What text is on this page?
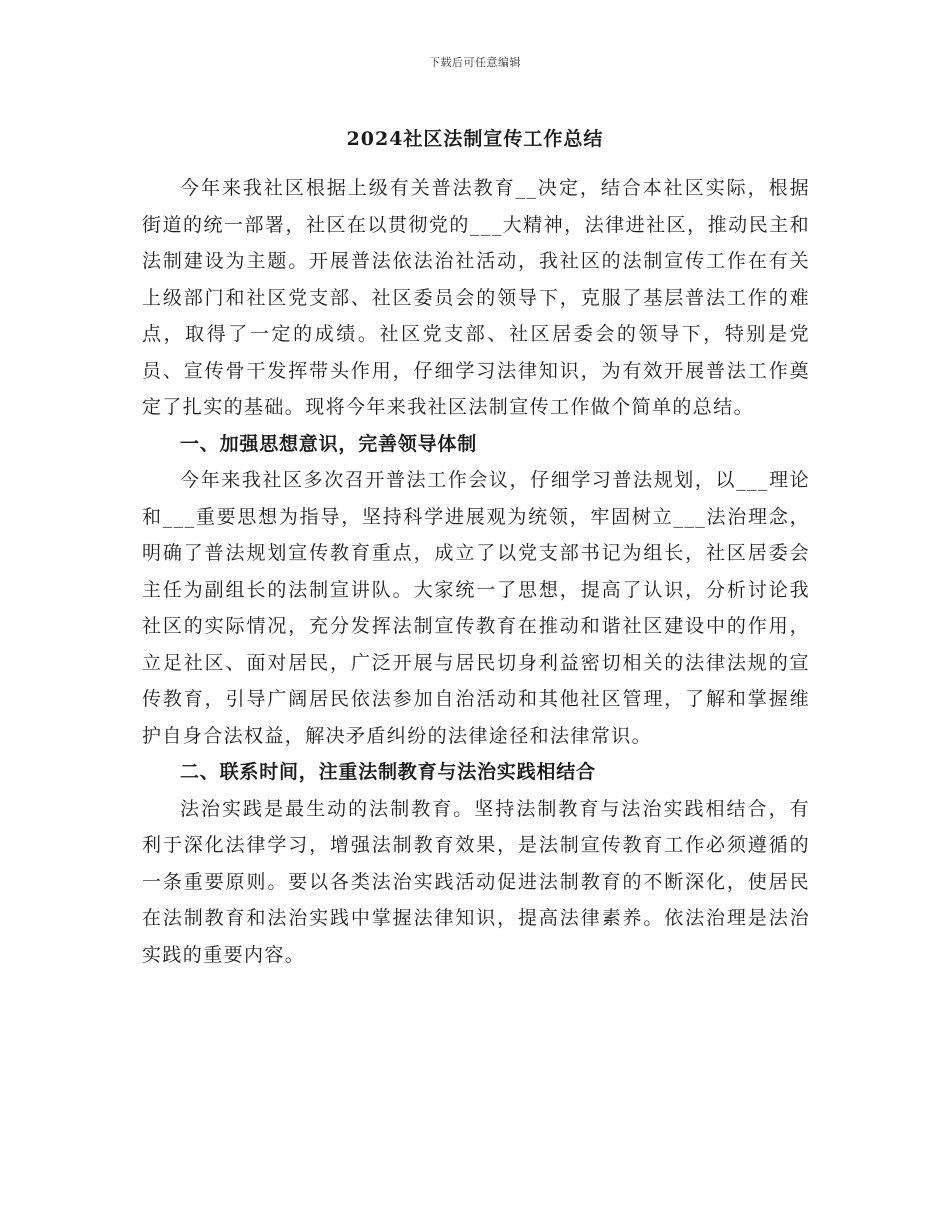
下载后可任意编辑
2024社区法制宣传工作总结

今年来我社区根据上级有关普法教育__决定，结合本社区实际，根据街道的统一部署，社区在以贯彻党的___大精神，法律进社区，推动民主和法制建设为主题。开展普法依法治社活动，我社区的法制宣传工作在有关上级部门和社区党支部、社区委员会的领导下，克服了基层普法工作的难点，取得了一定的成绩。社区党支部、社区居委会的领导下，特别是党员、宣传骨干发挥带头作用，仔细学习法律知识，为有效开展普法工作奠定了扎实的基础。现将今年来我社区法制宣传工作做个简单的总结。

一、加强思想意识，完善领导体制

今年来我社区多次召开普法工作会议，仔细学习普法规划，以___理论和___重要思想为指导，坚持科学进展观为统领，牢固树立___法治理念，明确了普法规划宣传教育重点，成立了以党支部书记为组长，社区居委会主任为副组长的法制宣讲队。大家统一了思想，提高了认识，分析讨论我社区的实际情况，充分发挥法制宣传教育在推动和谐社区建设中的作用，立足社区、面对居民，广泛开展与居民切身利益密切相关的法律法规的宣传教育，引导广阔居民依法参加自治活动和其他社区管理，了解和掌握维护自身合法权益，解决矛盾纠纷的法律途径和法律常识。

二、联系时间，注重法制教育与法治实践相结合

法治实践是最生动的法制教育。坚持法制教育与法治实践相结合，有利于深化法律学习，增强法制教育效果，是法制宣传教育工作必须遵循的一条重要原则。要以各类法治实践活动促进法制教育的不断深化，使居民在法制教育和法治实践中掌握法律知识，提高法律素养。依法治理是法治实践的重要内容。
